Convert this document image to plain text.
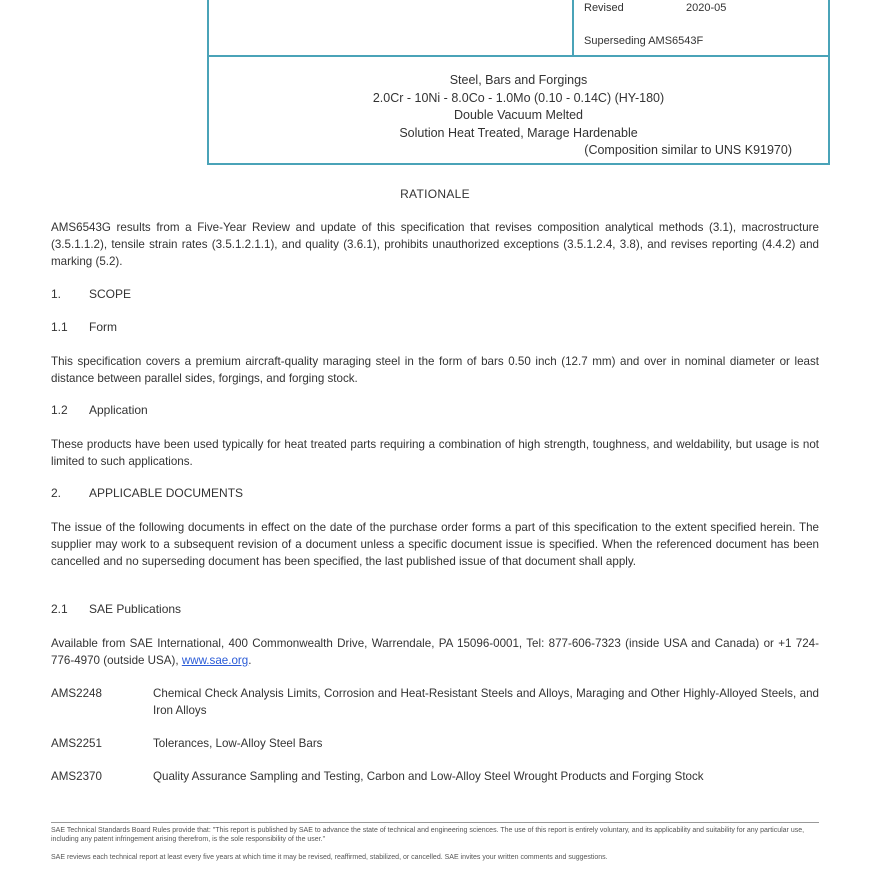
Revised	2020-05
Superseding AMS6543F
Steel, Bars and Forgings
2.0Cr - 10Ni - 8.0Co - 1.0Mo (0.10 - 0.14C) (HY-180)
Double Vacuum Melted
Solution Heat Treated, Marage Hardenable
(Composition similar to UNS K91970)
RATIONALE
AMS6543G results from a Five-Year Review and update of this specification that revises composition analytical methods (3.1), macrostructure (3.5.1.1.2), tensile strain rates (3.5.1.2.1.1), and quality (3.6.1), prohibits unauthorized exceptions (3.5.1.2.4, 3.8), and revises reporting (4.4.2) and marking (5.2).
1. SCOPE
1.1 Form
This specification covers a premium aircraft-quality maraging steel in the form of bars 0.50 inch (12.7 mm) and over in nominal diameter or least distance between parallel sides, forgings, and forging stock.
1.2 Application
These products have been used typically for heat treated parts requiring a combination of high strength, toughness, and weldability, but usage is not limited to such applications.
2. APPLICABLE DOCUMENTS
The issue of the following documents in effect on the date of the purchase order forms a part of this specification to the extent specified herein. The supplier may work to a subsequent revision of a document unless a specific document issue is specified. When the referenced document has been cancelled and no superseding document has been specified, the last published issue of that document shall apply.
2.1 SAE Publications
Available from SAE International, 400 Commonwealth Drive, Warrendale, PA 15096-0001, Tel: 877-606-7323 (inside USA and Canada) or +1 724-776-4970 (outside USA), www.sae.org.
AMS2248	Chemical Check Analysis Limits, Corrosion and Heat-Resistant Steels and Alloys, Maraging and Other Highly-Alloyed Steels, and Iron Alloys
AMS2251	Tolerances, Low-Alloy Steel Bars
AMS2370	Quality Assurance Sampling and Testing, Carbon and Low-Alloy Steel Wrought Products and Forging Stock
SAE Technical Standards Board Rules provide that: "This report is published by SAE to advance the state of technical and engineering sciences. The use of this report is entirely voluntary, and its applicability and suitability for any particular use, including any patent infringement arising therefrom, is the sole responsibility of the user."
SAE reviews each technical report at least every five years at which time it may be revised, reaffirmed, stabilized, or cancelled. SAE invites your written comments and suggestions.
